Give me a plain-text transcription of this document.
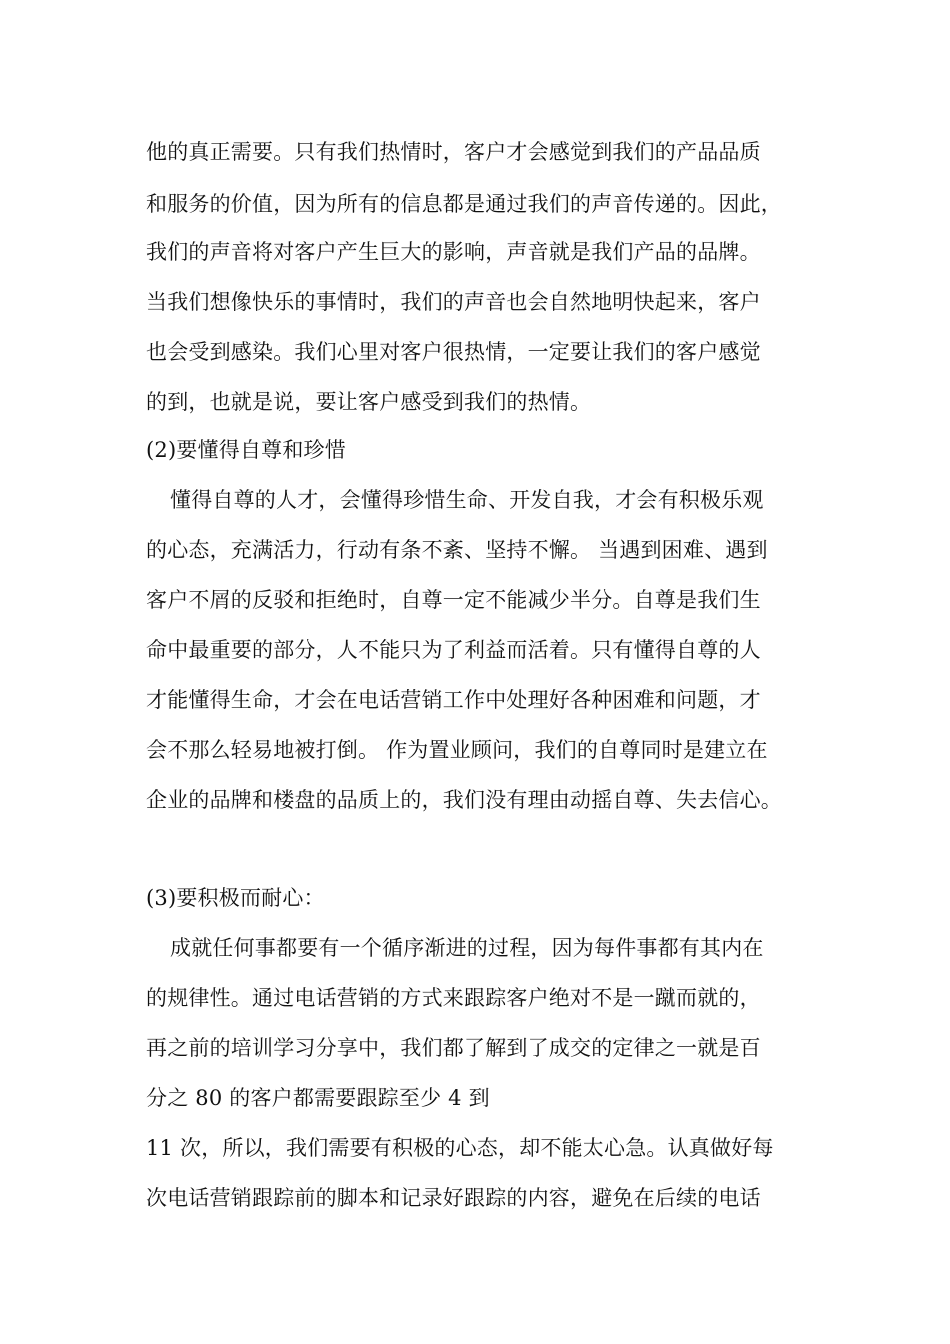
他的真正需要。只有我们热情时，客户才会感觉到我们的产品品质
和服务的价值，因为所有的信息都是通过我们的声音传递的。因此，
我们的声音将对客户产生巨大的影响，声音就是我们产品的品牌。
当我们想像快乐的事情时，我们的声音也会自然地明快起来，客户
也会受到感染。我们心里对客户很热情，一定要让我们的客户感觉
的到，也就是说，要让客户感受到我们的热情。
(2)要懂得自尊和珍惜
懂得自尊的人才，会懂得珍惜生命、开发自我，才会有积极乐观
的心态，充满活力，行动有条不紊、坚持不懈。 当遇到困难、遇到
客户不屑的反驳和拒绝时，自尊一定不能减少半分。自尊是我们生
命中最重要的部分，人不能只为了利益而活着。只有懂得自尊的人
才能懂得生命，才会在电话营销工作中处理好各种困难和问题，才
会不那么轻易地被打倒。 作为置业顾问，我们的自尊同时是建立在
企业的品牌和楼盘的品质上的，我们没有理由动摇自尊、失去信心。
(3)要积极而耐心：
成就任何事都要有一个循序渐进的过程，因为每件事都有其内在
的规律性。通过电话营销的方式来跟踪客户绝对不是一蹴而就的，
再之前的培训学习分享中，我们都了解到了成交的定律之一就是百
分之 80 的客户都需要跟踪至少 4 到
11 次，所以，我们需要有积极的心态，却不能太心急。认真做好每
次电话营销跟踪前的脚本和记录好跟踪的内容，避免在后续的电话
